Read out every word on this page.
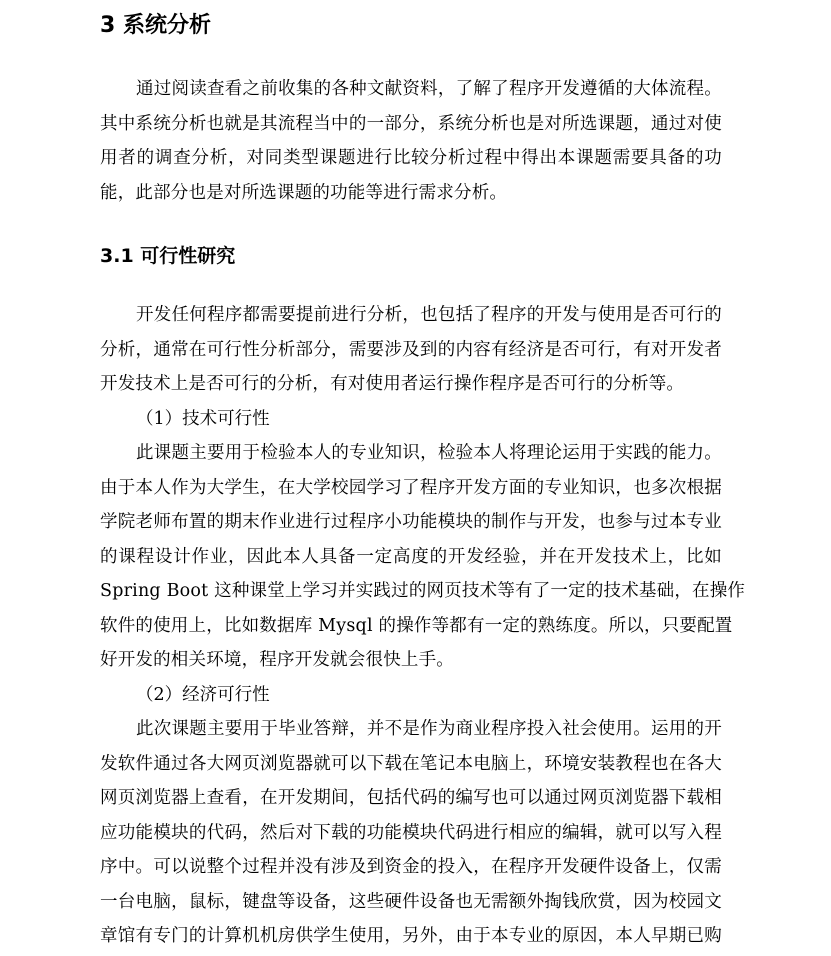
3 系统分析
通过阅读查看之前收集的各种文献资料，了解了程序开发遵循的大体流程。
其中系统分析也就是其流程当中的一部分，系统分析也是对所选课题，通过对使
用者的调查分析，对同类型课题进行比较分析过程中得出本课题需要具备的功
能，此部分也是对所选课题的功能等进行需求分析。
3.1 可行性研究
开发任何程序都需要提前进行分析，也包括了程序的开发与使用是否可行的
分析，通常在可行性分析部分，需要涉及到的内容有经济是否可行，有对开发者
开发技术上是否可行的分析，有对使用者运行操作程序是否可行的分析等。
（1）技术可行性
此课题主要用于检验本人的专业知识，检验本人将理论运用于实践的能力。
由于本人作为大学生，在大学校园学习了程序开发方面的专业知识，也多次根据
学院老师布置的期末作业进行过程序小功能模块的制作与开发，也参与过本专业
的课程设计作业，因此本人具备一定高度的开发经验，并在开发技术上，比如
Spring Boot 这种课堂上学习并实践过的网页技术等有了一定的技术基础，在操作
软件的使用上，比如数据库 Mysql 的操作等都有一定的熟练度。所以，只要配置
好开发的相关环境，程序开发就会很快上手。
（2）经济可行性
此次课题主要用于毕业答辩，并不是作为商业程序投入社会使用。运用的开
发软件通过各大网页浏览器就可以下载在笔记本电脑上，环境安装教程也在各大
网页浏览器上查看，在开发期间，包括代码的编写也可以通过网页浏览器下载相
应功能模块的代码，然后对下载的功能模块代码进行相应的编辑，就可以写入程
序中。可以说整个过程并没有涉及到资金的投入，在程序开发硬件设备上，仅需
一台电脑，鼠标，键盘等设备，这些硬件设备也无需额外掏钱欣赏，因为校园文
章馆有专门的计算机机房供学生使用，另外，由于本专业的原因，本人早期已购
